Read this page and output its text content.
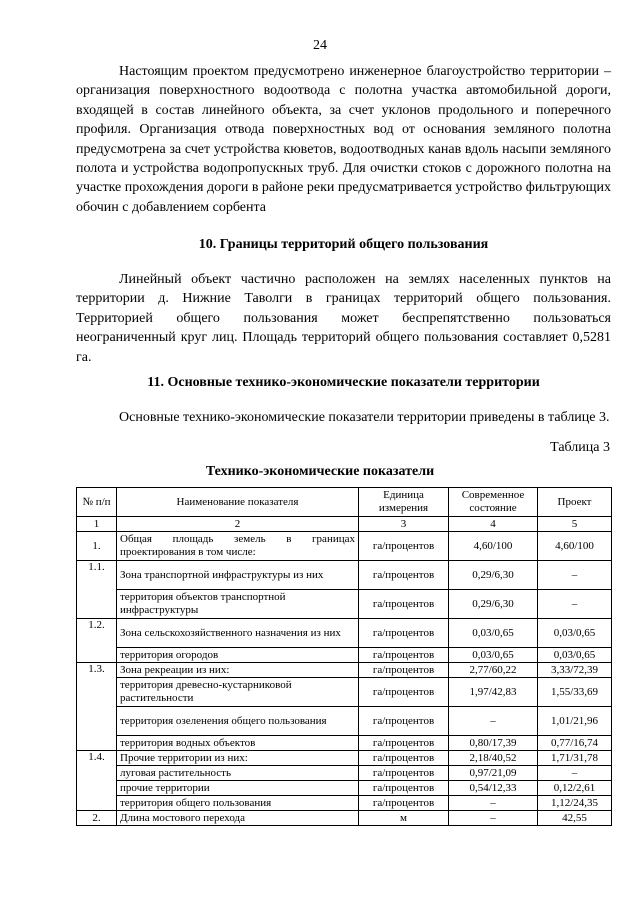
24

Настоящим проектом предусмотрено инженерное благоустройство территории – организация поверхностного водоотвода с полотна участка автомобильной дороги, входящей в состав линейного объекта, за счет уклонов продольного и поперечного профиля. Организация отвода поверхностных вод от основания земляного полотна предусмотрена за счет устройства кюветов, водоотводных канав вдоль насыпи земляного полота и устройства водопропускных труб. Для очистки стоков с дорожного полотна на участке прохождения дороги в районе реки предусматривается устройство фильтрующих обочин с добавлением сорбента

10. Границы территорий общего пользования

Линейный объект частично расположен на землях населенных пунктов на территории д. Нижние Таволги в границах территорий общего пользования. Территорией общего пользования может беспрепятственно пользоваться неограниченный круг лиц. Площадь территорий общего пользования составляет 0,5281 га.

11. Основные технико-экономические показатели территории

Основные технико-экономические показатели территории приведены в таблице 3.

Таблица 3
Технико-экономические показатели
№ п/п	Наименование показателя	Единица измерения	Современное состояние	Проект
1	2	3	4	5
1.	Общая площадь земель в границах проектирования в том числе:	га/процентов	4,60/100	4,60/100
1.1.	Зона транспортной инфраструктуры из них	га/процентов	0,29/6,30	–
	территория объектов транспортной инфраструктуры	га/процентов	0,29/6,30	–
1.2.	Зона сельскохозяйственного назначения из них	га/процентов	0,03/0,65	0,03/0,65
	территория огородов	га/процентов	0,03/0,65	0,03/0,65
1.3.	Зона рекреации из них:	га/процентов	2,77/60,22	3,33/72,39
	территория древесно-кустарниковой растительности	га/процентов	1,97/42,83	1,55/33,69
	территория озеленения общего пользования	га/процентов	–	1,01/21,96
	территория водных объектов	га/процентов	0,80/17,39	0,77/16,74
1.4.	Прочие территории из них:	га/процентов	2,18/40,52	1,71/31,78
	луговая растительность	га/процентов	0,97/21,09	–
	прочие территории	га/процентов	0,54/12,33	0,12/2,61
	территория общего пользования	га/процентов	–	1,12/24,35
2.	Длина мостового перехода	м	–	42,55
